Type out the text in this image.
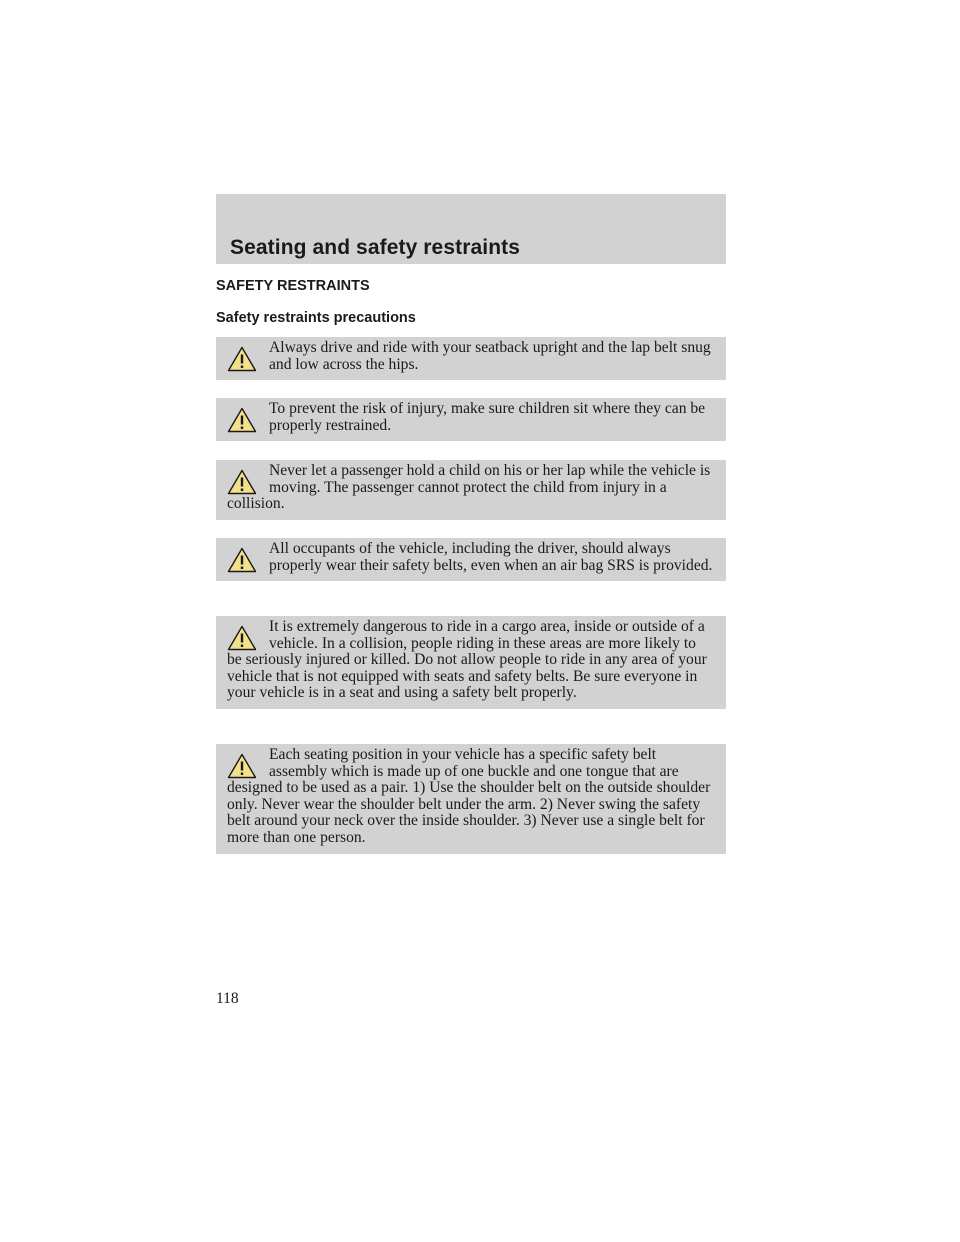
Seating and safety restraints
SAFETY RESTRAINTS
Safety restraints precautions

Always drive and ride with your seatback upright and the lap belt snug and low across the hips.

To prevent the risk of injury, make sure children sit where they can be properly restrained.

Never let a passenger hold a child on his or her lap while the vehicle is moving. The passenger cannot protect the child from injury in a collision.

All occupants of the vehicle, including the driver, should always properly wear their safety belts, even when an air bag SRS is provided.

It is extremely dangerous to ride in a cargo area, inside or outside of a vehicle. In a collision, people riding in these areas are more likely to be seriously injured or killed. Do not allow people to ride in any area of your vehicle that is not equipped with seats and safety belts. Be sure everyone in your vehicle is in a seat and using a safety belt properly.

Each seating position in your vehicle has a specific safety belt assembly which is made up of one buckle and one tongue that are designed to be used as a pair. 1) Use the shoulder belt on the outside shoulder only. Never wear the shoulder belt under the arm. 2) Never swing the safety belt around your neck over the inside shoulder. 3) Never use a single belt for more than one person.

118
